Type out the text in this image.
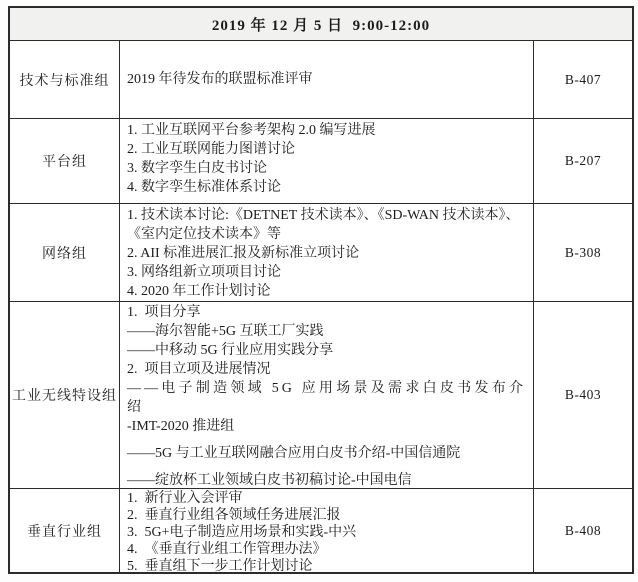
2019 年 12 月 5 日  9:00-12:00
技术与标准组	2019 年待发布的联盟标准评审	B-407
平台组
1. 工业互联网平台参考架构 2.0 编写进展
2. 工业互联网能力图谱讨论
3. 数字孪生白皮书讨论
4. 数字孪生标准体系讨论
B-207
网络组
1. 技术读本讨论:《DETNET 技术读本》、《SD-WAN 技术读本》、《室内定位技术读本》等
2. AII 标准进展汇报及新标准立项讨论
3. 网络组新立项项目讨论
4. 2020 年工作计划讨论
B-308
工业无线特设组
1.  项目分享
——海尔智能+5G 互联工厂实践
——中移动 5G 行业应用实践分享
2.  项目立项及进展情况
——电子制造领域 5G 应用场景及需求白皮书发布介绍
-IMT-2020 推进组
——5G 与工业互联网融合应用白皮书介绍-中国信通院
——绽放杯工业领域白皮书初稿讨论-中国电信
B-403
垂直行业组
1.  新行业入会评审
2.  垂直行业组各领域任务进展汇报
3.  5G+电子制造应用场景和实践-中兴
4.  《垂直行业组工作管理办法》
5.  垂直组下一步工作计划讨论
B-408
